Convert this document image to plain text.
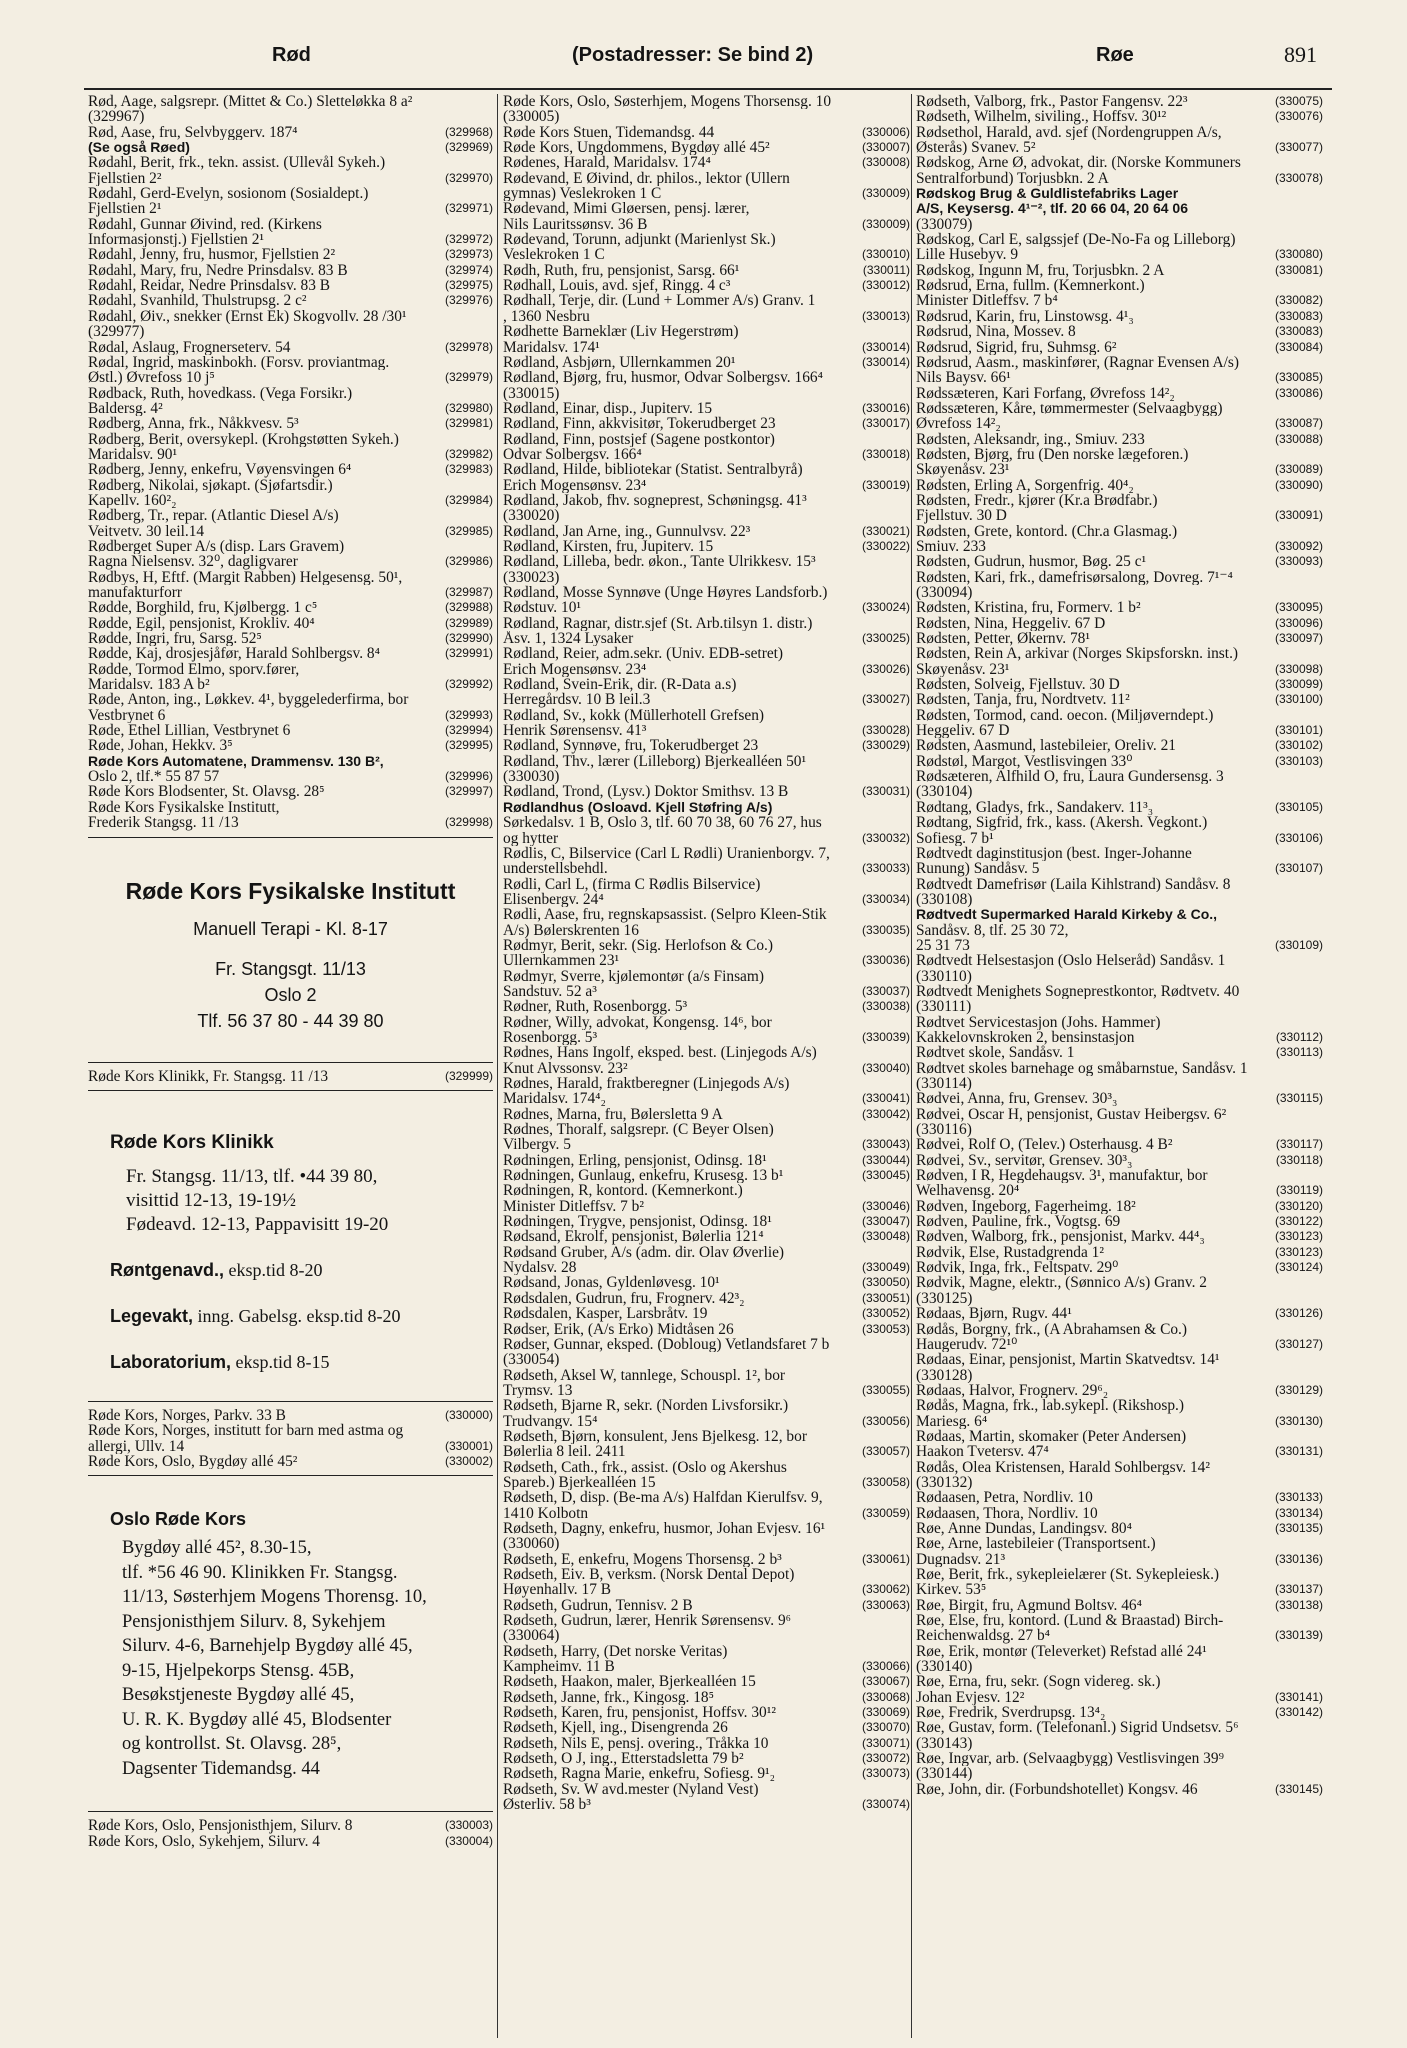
Rød	(Postadresser: Se bind 2)	Røe	891
Rød, Aage, salgsrepr. (Mittet & Co.) Sletteløkka 8 a²
(329967)
Rød, Aase, fru, Selvbyggerv. 187⁴	(329968)
(Se også Røed)	(329969)
Rødahl, Berit, frk., tekn. assist. (Ullevål Sykeh.)
Fjellstien 2²	(329970)
Rødahl, Gerd-Evelyn, sosionom (Sosialdept.)
Fjellstien 2¹	(329971)
Rødahl, Gunnar Øivind, red. (Kirkens
Informasjonstj.) Fjellstien 2¹	(329972)
Rødahl, Jenny, fru, husmor, Fjellstien 2²	(329973)
Rødahl, Mary, fru, Nedre Prinsdalsv. 83 B	(329974)
Rødahl, Reidar, Nedre Prinsdalsv. 83 B	(329975)
Rødahl, Svanhild, Thulstrupsg. 2 c²	(329976)
Rødahl, Øiv., snekker (Ernst Ek) Skogvollv. 28 /30¹
(329977)
Rødal, Aslaug, Frognerseterv. 54	(329978)
Rødal, Ingrid, maskinbokh. (Forsv. proviantmag.
Østl.) Øvrefoss 10 j⁵	(329979)
Rødback, Ruth, hovedkass. (Vega Forsikr.)
Baldersg. 4²	(329980)
Rødberg, Anna, frk., Nåkkvesv. 5³	(329981)
Rødberg, Berit, oversykepl. (Krohgstøtten Sykeh.)
Maridalsv. 90¹	(329982)
Rødberg, Jenny, enkefru, Vøyensvingen 6⁴	(329983)
Rødberg, Nikolai, sjøkapt. (Sjøfartsdir.)
Kapellv. 160²₂	(329984)
Rødberg, Tr., repar. (Atlantic Diesel A/s)
Veitvetv. 30 leil.14	(329985)
Rødberget Super A/s (disp. Lars Gravem)
Ragna Nielsensv. 32⁰, dagligvarer	(329986)
Rødbys, H, Eftf. (Margit Rabben) Helgesensg. 50¹,
manufakturforr	(329987)
Rødde, Borghild, fru, Kjølbergg. 1 c⁵	(329988)
Rødde, Egil, pensjonist, Krokliv. 40⁴	(329989)
Rødde, Ingri, fru, Sarsg. 52⁵	(329990)
Rødde, Kaj, drosjesjåfør, Harald Sohlbergsv. 8⁴	(329991)
Rødde, Tormod Elmo, sporv.fører,
Maridalsv. 183 A b²	(329992)
Røde, Anton, ing., Løkkev. 4¹, byggelederfirma, bor
Vestbrynet 6	(329993)
Røde, Ethel Lillian, Vestbrynet 6	(329994)
Røde, Johan, Hekkv. 3⁵	(329995)
Røde Kors Automatene, Drammensv. 130 B²,
Oslo 2, tlf.* 55 87 57	(329996)
Røde Kors Blodsenter, St. Olavsg. 28⁵	(329997)
Røde Kors Fysikalske Institutt,
Frederik Stangsg. 11 /13	(329998)
Røde Kors Fysikalske Institutt
Manuell Terapi - Kl. 8-17
Fr. Stangsgt. 11/13
Oslo 2
Tlf. 56 37 80 - 44 39 80
Røde Kors Klinikk, Fr. Stangsg. 11 /13	(329999)
Røde Kors Klinikk
Fr. Stangsg. 11/13, tlf. •44 39 80,
visittid 12-13, 19-19½
Fødeavd. 12-13, Pappavisitt 19-20
Røntgenavd., eksp.tid 8-20
Legevakt, inng. Gabelsg. eksp.tid 8-20
Laboratorium, eksp.tid 8-15
Røde Kors, Norges, Parkv. 33 B	(330000)
Røde Kors, Norges, institutt for barn med astma og
allergi, Ullv. 14	(330001)
Røde Kors, Oslo, Bygdøy allé 45²	(330002)
Oslo Røde Kors
Bygdøy allé 45², 8.30-15,
tlf. *56 46 90. Klinikken Fr. Stangsg.
11/13, Søsterhjem Mogens Thorensg. 10,
Pensjonisthjem Silurv. 8, Sykehjem
Silurv. 4-6, Barnehjelp Bygdøy allé 45,
9-15, Hjelpekorps Stensg. 45B,
Besøkstjeneste Bygdøy allé 45,
U. R. K. Bygdøy allé 45, Blodsenter
og kontrollst. St. Olavsg. 28⁵,
Dagsenter Tidemandsg. 44
Røde Kors, Oslo, Pensjonisthjem, Silurv. 8	(330003)
Røde Kors, Oslo, Sykehjem, Silurv. 4	(330004)
Røde Kors, Oslo, Søsterhjem, Mogens Thorsensg. 10
(330005)
Røde Kors Stuen, Tidemandsg. 44	(330006)
Røde Kors, Ungdommens, Bygdøy allé 45²	(330007)
Rødenes, Harald, Maridalsv. 174⁴	(330008)
Rødevand, E Øivind, dr. philos., lektor (Ullern
gymnas) Veslekroken 1 C	(330009)
Rødevand, Mimi Gløersen, pensj. lærer,
Nils Lauritssønsv. 36 B	(330009)
Rødevand, Torunn, adjunkt (Marienlyst Sk.)
Veslekroken 1 C	(330010)
Rødh, Ruth, fru, pensjonist, Sarsg. 66¹	(330011)
Rødhall, Louis, avd. sjef, Ringg. 4 c³	(330012)
Rødhall, Terje, dir. (Lund + Lommer A/s) Granv. 1
, 1360 Nesbru	(330013)
Rødhette Barneklær (Liv Hegerstrøm)
Maridalsv. 174¹	(330014)
Rødland, Asbjørn, Ullernkammen 20¹	(330014)
Rødland, Bjørg, fru, husmor, Odvar Solbergsv. 166⁴
(330015)
Rødland, Einar, disp., Jupiterv. 15	(330016)
Rødland, Finn, akkvisitør, Tokerudberget 23	(330017)
Rødland, Finn, postsjef (Sagene postkontor)
Odvar Solbergsv. 166⁴	(330018)
Rødland, Hilde, bibliotekar (Statist. Sentralbyrå)
Erich Mogensønsv. 23⁴	(330019)
Rødland, Jakob, fhv. sogneprest, Schøningsg. 41³
(330020)
Rødland, Jan Arne, ing., Gunnulvsv. 22³	(330021)
Rødland, Kirsten, fru, Jupiterv. 15	(330022)
Rødland, Lilleba, bedr. økon., Tante Ulrikkesv. 15³
(330023)
Rødland, Mosse Synnøve (Unge Høyres Landsforb.)
Rødstuv. 10¹	(330024)
Rødland, Ragnar, distr.sjef (St. Arb.tilsyn 1. distr.)
Åsv. 1, 1324 Lysaker	(330025)
Rødland, Reier, adm.sekr. (Univ. EDB-setret)
Erich Mogensønsv. 23⁴	(330026)
Rødland, Svein-Erik, dir. (R-Data a.s)
Herregårdsv. 10 B leil.3	(330027)
Rødland, Sv., kokk (Müllerhotell Grefsen)
Henrik Sørensensv. 41³	(330028)
Rødland, Synnøve, fru, Tokerudberget 23	(330029)
Rødland, Thv., lærer (Lilleborg) Bjerkealléen 50¹
(330030)
Rødland, Trond, (Lysv.) Doktor Smithsv. 13 B	(330031)
Rødlandhus (Osloavd. Kjell Støfring A/s)
Sørkedalsv. 1 B, Oslo 3, tlf. 60 70 38, 60 76 27, hus
og hytter	(330032)
Rødlis, C, Bilservice (Carl L Rødli) Uranienborgv. 7,
understellsbehdl.	(330033)
Rødli, Carl L, (firma C Rødlis Bilservice)
Elisenbergv. 24⁴	(330034)
Rødli, Aase, fru, regnskapsassist. (Selpro Kleen-Stik
A/s) Bølerskrenten 16	(330035)
Rødmyr, Berit, sekr. (Sig. Herlofson & Co.)
Ullernkammen 23¹	(330036)
Rødmyr, Sverre, kjølemontør (a/s Finsam)
Sandstuv. 52 a³	(330037)
Rødner, Ruth, Rosenborgg. 5³	(330038)
Rødner, Willy, advokat, Kongensg. 14⁶, bor
Rosenborgg. 5³	(330039)
Rødnes, Hans Ingolf, eksped. best. (Linjegods A/s)
Knut Alvssonsv. 23²	(330040)
Rødnes, Harald, fraktberegner (Linjegods A/s)
Maridalsv. 174⁴₂	(330041)
Rødnes, Marna, fru, Bølersletta 9 A	(330042)
Rødnes, Thoralf, salgsrepr. (C Beyer Olsen)
Vilbergv. 5	(330043)
Rødningen, Erling, pensjonist, Odinsg. 18¹	(330044)
Rødningen, Gunlaug, enkefru, Krusesg. 13 b¹	(330045)
Rødningen, R, kontord. (Kemnerkont.)
Minister Ditleffsv. 7 b²	(330046)
Rødningen, Trygve, pensjonist, Odinsg. 18¹	(330047)
Rødsand, Ekrolf, pensjonist, Bølerlia 121⁴	(330048)
Rødsand Gruber, A/s (adm. dir. Olav Øverlie)
Nydalsv. 28	(330049)
Rødsand, Jonas, Gyldenløvesg. 10¹	(330050)
Rødsdalen, Gudrun, fru, Frognerv. 42³₂	(330051)
Rødsdalen, Kasper, Larsbråtv. 19	(330052)
Rødser, Erik, (A/s Erko) Midtåsen 26	(330053)
Rødser, Gunnar, eksped. (Dobloug) Vetlandsfaret 7 b
(330054)
Rødseth, Aksel W, tannlege, Schouspl. 1², bor
Trymsv. 13	(330055)
Rødseth, Bjarne R, sekr. (Norden Livsforsikr.)
Trudvangv. 15⁴	(330056)
Rødseth, Bjørn, konsulent, Jens Bjelkesg. 12, bor
Bølerlia 8 leil. 2411	(330057)
Rødseth, Cath., frk., assist. (Oslo og Akershus
Spareb.) Bjerkealléen 15	(330058)
Rødseth, D, disp. (Be-ma A/s) Halfdan Kierulfsv. 9,
1410 Kolbotn	(330059)
Rødseth, Dagny, enkefru, husmor, Johan Evjesv. 16¹
(330060)
Rødseth, E, enkefru, Mogens Thorsensg. 2 b³	(330061)
Rødseth, Eiv. B, verksm. (Norsk Dental Depot)
Høyenhallv. 17 B	(330062)
Rødseth, Gudrun, Tennisv. 2 B	(330063)
Rødseth, Gudrun, lærer, Henrik Sørensensv. 9⁶
(330064)
Rødseth, Harry, (Det norske Veritas)
Kampheimv. 11 B	(330066)
Rødseth, Haakon, maler, Bjerkealléen 15	(330067)
Rødseth, Janne, frk., Kingosg. 18⁵	(330068)
Rødseth, Karen, fru, pensjonist, Hoffsv. 30¹²	(330069)
Rødseth, Kjell, ing., Disengrenda 26	(330070)
Rødseth, Nils E, pensj. overing., Tråkka 10	(330071)
Rødseth, O J, ing., Etterstadsletta 79 b²	(330072)
Rødseth, Ragna Marie, enkefru, Sofiesg. 9¹₂	(330073)
Rødseth, Sv. W avd.mester (Nyland Vest)
Østerliv. 58 b³	(330074)
Rødseth, Valborg, frk., Pastor Fangensv. 22³	(330075)
Rødseth, Wilhelm, siviling., Hoffsv. 30¹²	(330076)
Rødsethol, Harald, avd. sjef (Nordengruppen A/s,
Østerås) Svanev. 5²	(330077)
Rødskog, Arne Ø, advokat, dir. (Norske Kommuners
Sentralforbund) Torjusbkn. 2 A	(330078)
Rødskog Brug & Guldlistefabriks Lager
A/S, Keysersg. 4¹⁻², tlf. 20 66 04, 20 64 06
(330079)
Rødskog, Carl E, salgssjef (De-No-Fa og Lilleborg)
Lille Husebyv. 9	(330080)
Rødskog, Ingunn M, fru, Torjusbkn. 2 A	(330081)
Rødsrud, Erna, fullm. (Kemnerkont.)
Minister Ditleffsv. 7 b⁴	(330082)
Rødsrud, Karin, fru, Linstowsg. 4¹₃	(330083)
Rødsrud, Nina, Mossev. 8	(330083)
Rødsrud, Sigrid, fru, Suhmsg. 6²	(330084)
Rødsrud, Aasm., maskinfører, (Ragnar Evensen A/s)
Nils Baysv. 66¹	(330085)
Rødssæteren, Kari Forfang, Øvrefoss 14²₂	(330086)
Rødssæteren, Kåre, tømmermester (Selvaagbygg)
Øvrefoss 14²₂	(330087)
Rødsten, Aleksandr, ing., Smiuv. 233	(330088)
Rødsten, Bjørg, fru (Den norske lægeforen.)
Skøyenåsv. 23¹	(330089)
Rødsten, Erling A, Sorgenfrig. 40⁴₂	(330090)
Rødsten, Fredr., kjører (Kr.a Brødfabr.)
Fjellstuv. 30 D	(330091)
Rødsten, Grete, kontord. (Chr.a Glasmag.)
Smiuv. 233	(330092)
Rødsten, Gudrun, husmor, Bøg. 25 c¹	(330093)
Rødsten, Kari, frk., damefrisørsalong, Dovreg. 7¹⁻⁴
(330094)
Rødsten, Kristina, fru, Formerv. 1 b²	(330095)
Rødsten, Nina, Heggeliv. 67 D	(330096)
Rødsten, Petter, Økernv. 78¹	(330097)
Rødsten, Rein A, arkivar (Norges Skipsforskn. inst.)
Skøyenåsv. 23¹	(330098)
Rødsten, Solveig, Fjellstuv. 30 D	(330099)
Rødsten, Tanja, fru, Nordtvetv. 11²	(330100)
Rødsten, Tormod, cand. oecon. (Miljøverndept.)
Heggeliv. 67 D	(330101)
Rødsten, Aasmund, lastebileier, Oreliv. 21	(330102)
Rødstøl, Margot, Vestlisvingen 33⁰	(330103)
Rødsæteren, Alfhild O, fru, Laura Gundersensg. 3
(330104)
Rødtang, Gladys, frk., Sandakerv. 11³₃	(330105)
Rødtang, Sigfrid, frk., kass. (Akersh. Vegkont.)
Sofiesg. 7 b¹	(330106)
Rødtvedt daginstitusjon (best. Inger-Johanne
Runung) Sandåsv. 5	(330107)
Rødtvedt Damefrisør (Laila Kihlstrand) Sandåsv. 8
(330108)
Rødtvedt Supermarked Harald Kirkeby & Co.,
Sandåsv. 8, tlf. 25 30 72,
25 31 73	(330109)
Rødtvedt Helsestasjon (Oslo Helseråd) Sandåsv. 1
(330110)
Rødtvedt Menighets Sogneprestkontor, Rødtvetv. 40
(330111)
Rødtvet Servicestasjon (Johs. Hammer)
Kakkelovnskroken 2, bensinstasjon	(330112)
Rødtvet skole, Sandåsv. 1	(330113)
Rødtvet skoles barnehage og småbarnstue, Sandåsv. 1
(330114)
Rødvei, Anna, fru, Grensev. 30³₃	(330115)
Rødvei, Oscar H, pensjonist, Gustav Heibergsv. 6²
(330116)
Rødvei, Rolf O, (Telev.) Osterhausg. 4 B²	(330117)
Rødvei, Sv., servitør, Grensev. 30³₃	(330118)
Rødven, I R, Hegdehaugsv. 3¹, manufaktur, bor
Welhavensg. 20⁴	(330119)
Rødven, Ingeborg, Fagerheimg. 18²	(330120)
Rødven, Pauline, frk., Vogtsg. 69	(330122)
Rødven, Walborg, frk., pensjonist, Markv. 44⁴₃	(330123)
Rødvik, Else, Rustadgrenda 1²	(330123)
Rødvik, Inga, frk., Feltspatv. 29⁰	(330124)
Rødvik, Magne, elektr., (Sønnico A/s) Granv. 2
(330125)
Rødaas, Bjørn, Rugv. 44¹	(330126)
Rødås, Borgny, frk., (A Abrahamsen & Co.)
Haugerudv. 72¹⁰	(330127)
Rødaas, Einar, pensjonist, Martin Skatvedtsv. 14¹
(330128)
Rødaas, Halvor, Frognerv. 29⁶₂	(330129)
Rødås, Magna, frk., lab.sykepl. (Rikshosp.)
Mariesg. 6⁴	(330130)
Rødaas, Martin, skomaker (Peter Andersen)
Haakon Tvetersv. 47⁴	(330131)
Rødås, Olea Kristensen, Harald Sohlbergsv. 14²
(330132)
Rødaasen, Petra, Nordliv. 10	(330133)
Rødaasen, Thora, Nordliv. 10	(330134)
Røe, Anne Dundas, Landingsv. 80⁴	(330135)
Røe, Arne, lastebileier (Transportsent.)
Dugnadsv. 21³	(330136)
Røe, Berit, frk., sykepleielærer (St. Sykepleiesk.)
Kirkev. 53⁵	(330137)
Røe, Birgit, fru, Agmund Boltsv. 46⁴	(330138)
Røe, Else, fru, kontord. (Lund & Braastad) Birch-
Reichenwaldsg. 27 b⁴	(330139)
Røe, Erik, montør (Televerket) Refstad allé 24¹
(330140)
Røe, Erna, fru, sekr. (Sogn videreg. sk.)
Johan Evjesv. 12²	(330141)
Røe, Fredrik, Sverdrupsg. 13⁴₂	(330142)
Røe, Gustav, form. (Telefonanl.) Sigrid Undsetsv. 5⁶
(330143)
Røe, Ingvar, arb. (Selvaagbygg) Vestlisvingen 39⁹
(330144)
Røe, John, dir. (Forbundshotellet) Kongsv. 46	(330145)
